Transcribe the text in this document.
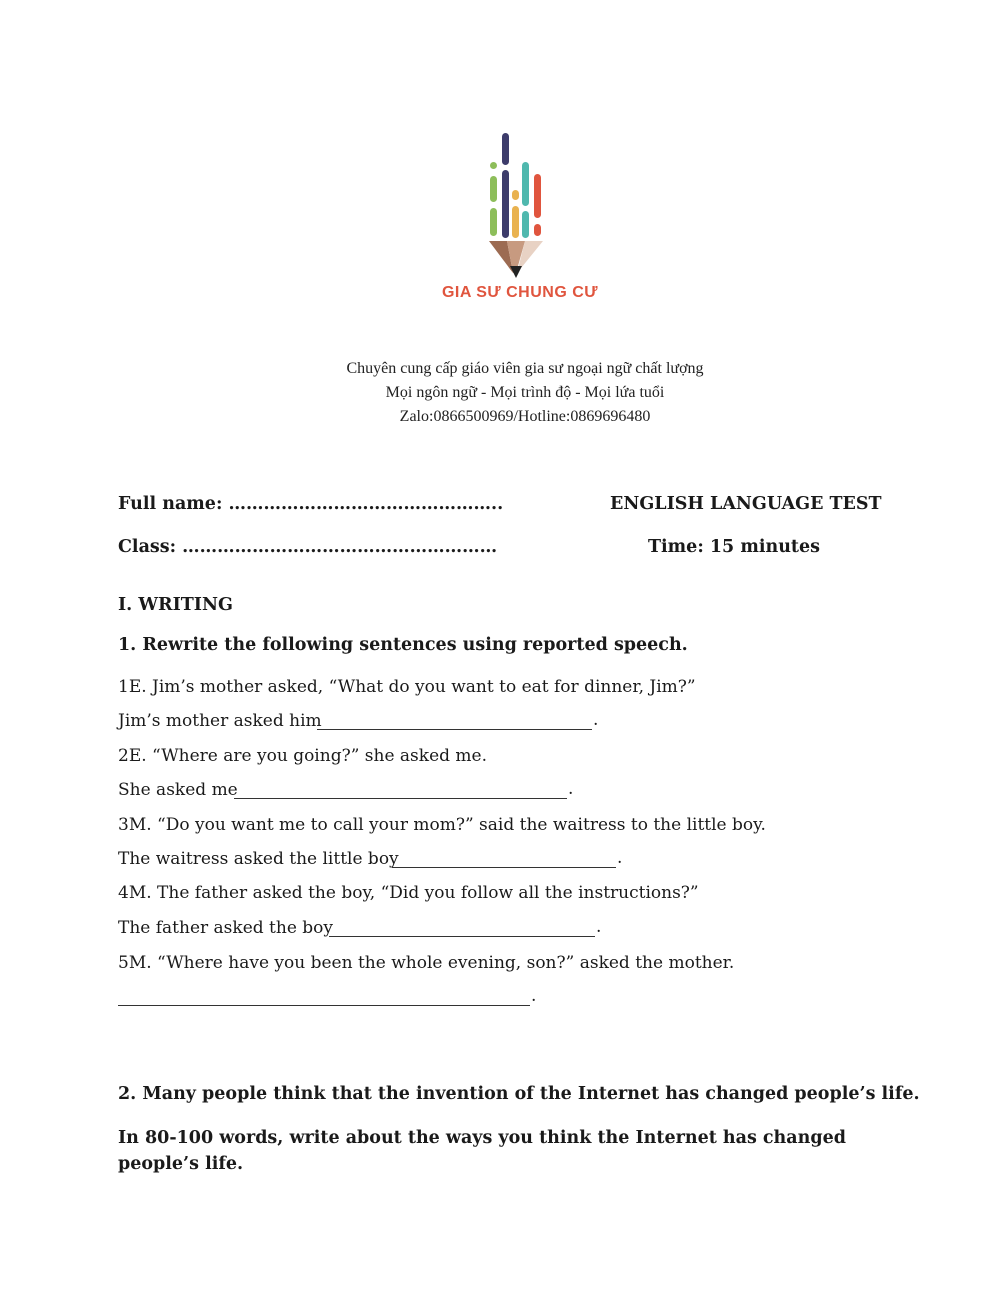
GIA SƯ CHUNG CƯ
Chuyên cung cấp giáo viên gia sư ngoại ngữ chất lượng
Mọi ngôn ngữ - Mọi trình độ - Mọi lứa tuổi
Zalo:0866500969/Hotline:0869696480
Full name: ………………………………………..	ENGLISH LANGUAGE TEST
Class: ………………………………………………	Time: 15 minutes
I. WRITING
1. Rewrite the following sentences using reported speech.
1E. Jim’s mother asked, “What do you want to eat for dinner, Jim?”
Jim’s mother asked him	.
2E. “Where are you going?” she asked me.
She asked me	.
3M. “Do you want me to call your mom?” said the waitress to the little boy.
The waitress asked the little boy	.
4M. The father asked the boy, “Did you follow all the instructions?”
The father asked the boy	.
5M. “Where have you been the whole evening, son?” asked the mother.
.
2. Many people think that the invention of the Internet has changed people’s life.
In 80-100 words, write about the ways you think the Internet has changed people’s life.
